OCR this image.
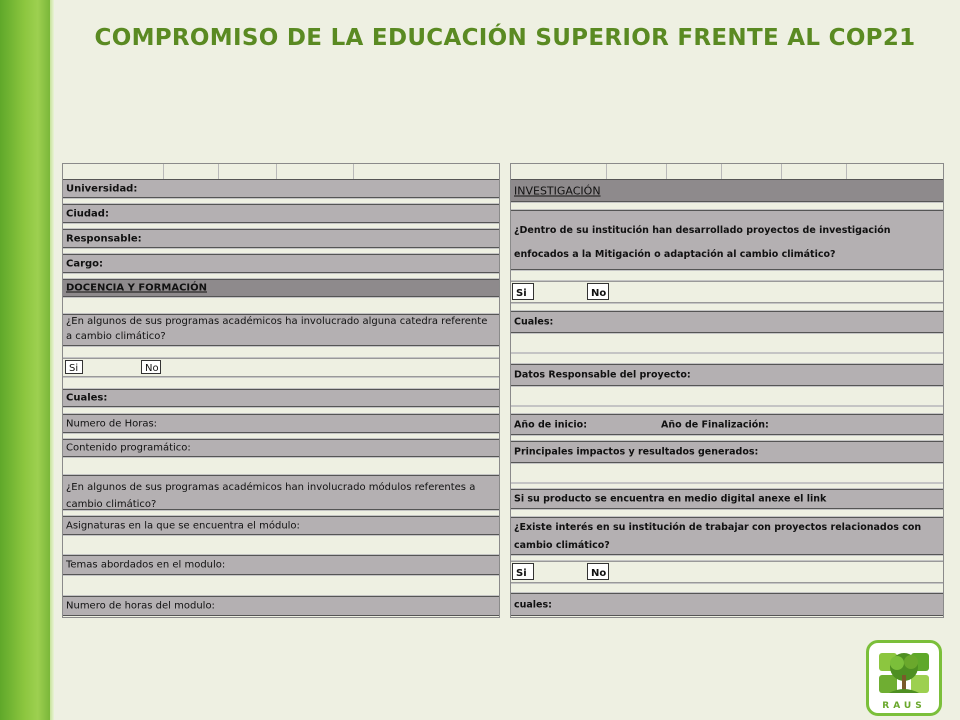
COMPROMISO DE LA EDUCACIÓN SUPERIOR FRENTE AL COP21
Universidad:
Ciudad:
Responsable:
Cargo:
DOCENCIA Y FORMACIÓN
¿En algunos de sus programas académicos ha involucrado alguna catedra referente a cambio climático?
Si	No
Cuales:
Numero de Horas:
Contenido programático:
¿En algunos de sus programas académicos han involucrado módulos referentes a cambio climático?
Asignaturas en la que se encuentra el módulo:
Temas abordados en el modulo:
Numero de horas del modulo:
INVESTIGACIÓN
¿Dentro de su institución han desarrollado proyectos de investigación enfocados a la Mitigación o adaptación al cambio climático?
Si	No
Cuales:
Datos Responsable del proyecto:
Año de inicio:	Año de Finalización:
Principales impactos y resultados generados:
Si su producto se encuentra en medio digital anexe el link
¿Existe interés en su institución de trabajar con proyectos relacionados con cambio climático?
Si	No
cuales:
RAUS
